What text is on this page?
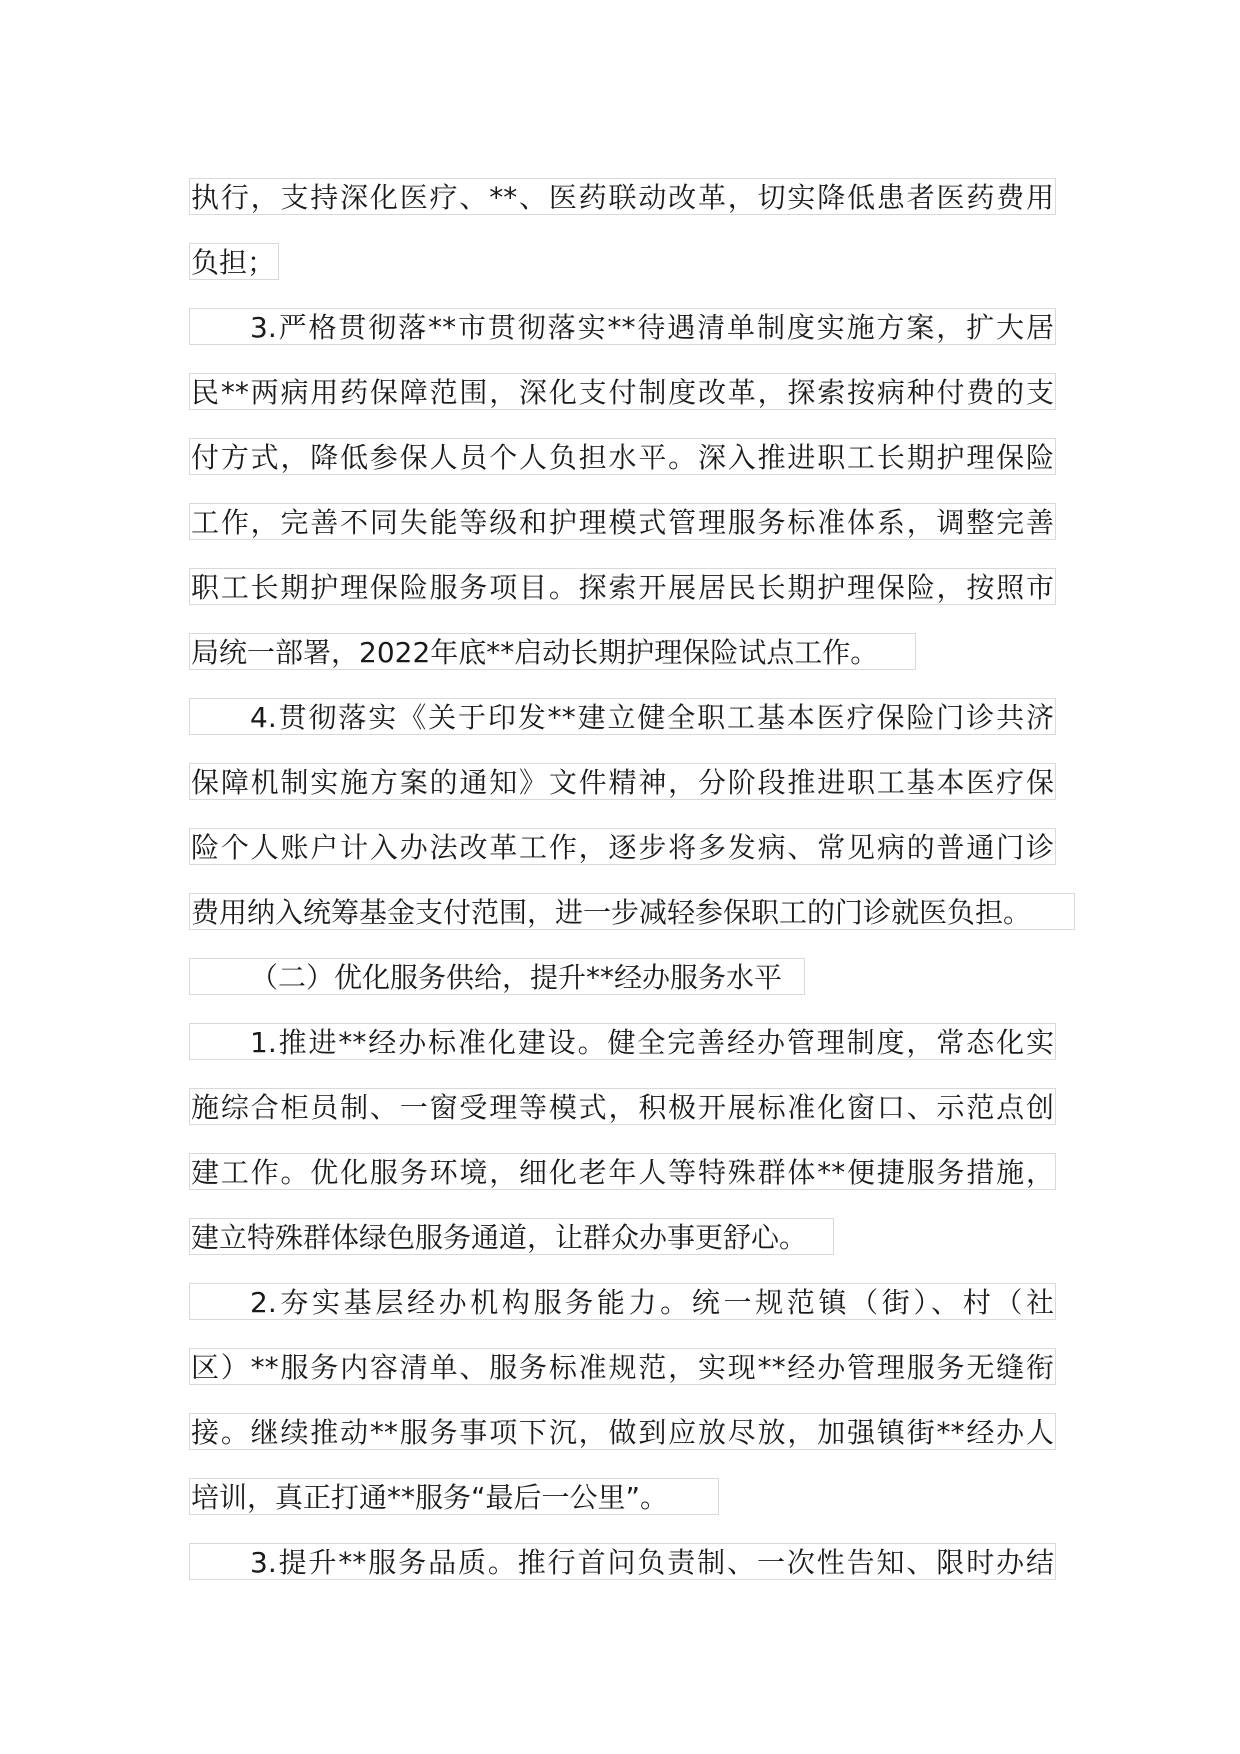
执行，支持深化医疗、**、医药联动改革，切实降低患者医药费用
负担；
3.严格贯彻落**市贯彻落实**待遇清单制度实施方案，扩大居
民**两病用药保障范围，深化支付制度改革，探索按病种付费的支
付方式，降低参保人员个人负担水平。深入推进职工长期护理保险
工作，完善不同失能等级和护理模式管理服务标准体系，调整完善
职工长期护理保险服务项目。探索开展居民长期护理保险，按照市
局统一部署，2022年底**启动长期护理保险试点工作。
4.贯彻落实《关于印发**建立健全职工基本医疗保险门诊共济
保障机制实施方案的通知》文件精神，分阶段推进职工基本医疗保
险个人账户计入办法改革工作，逐步将多发病、常见病的普通门诊
费用纳入统筹基金支付范围，进一步减轻参保职工的门诊就医负担。
（二）优化服务供给，提升**经办服务水平
1.推进**经办标准化建设。健全完善经办管理制度，常态化实
施综合柜员制、一窗受理等模式，积极开展标准化窗口、示范点创
建工作。优化服务环境，细化老年人等特殊群体**便捷服务措施，
建立特殊群体绿色服务通道，让群众办事更舒心。
2.夯实基层经办机构服务能力。统一规范镇（街）、村（社
区）**服务内容清单、服务标准规范，实现**经办管理服务无缝衔
接。继续推动**服务事项下沉，做到应放尽放，加强镇街**经办人
培训，真正打通**服务“最后一公里”。
3.提升**服务品质。推行首问负责制、一次性告知、限时办结
